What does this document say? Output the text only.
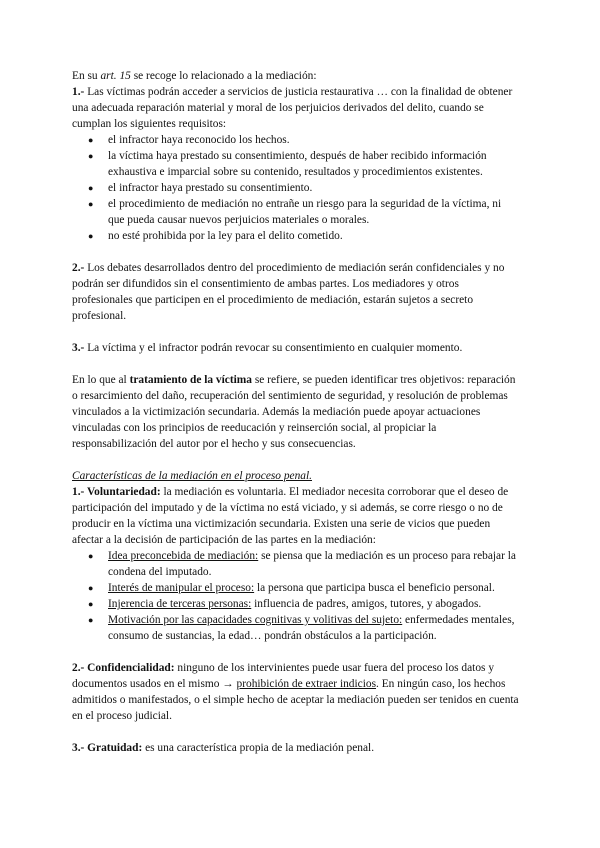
En su art. 15 se recoge lo relacionado a la mediación:

1.- Las víctimas podrán acceder a servicios de justicia restaurativa … con la finalidad de obtener una adecuada reparación material y moral de los perjuicios derivados del delito, cuando se cumplan los siguientes requisitos:

● el infractor haya reconocido los hechos.
● la víctima haya prestado su consentimiento, después de haber recibido información exhaustiva e imparcial sobre su contenido, resultados y procedimientos existentes.
● el infractor haya prestado su consentimiento.
● el procedimiento de mediación no entrañe un riesgo para la seguridad de la víctima, ni que pueda causar nuevos perjuicios materiales o morales.
● no esté prohibida por la ley para el delito cometido.

2.- Los debates desarrollados dentro del procedimiento de mediación serán confidenciales y no podrán ser difundidos sin el consentimiento de ambas partes. Los mediadores y otros profesionales que participen en el procedimiento de mediación, estarán sujetos a secreto profesional.

3.- La víctima y el infractor podrán revocar su consentimiento en cualquier momento.

En lo que al tratamiento de la víctima se refiere, se pueden identificar tres objetivos: reparación o resarcimiento del daño, recuperación del sentimiento de seguridad, y resolución de problemas vinculados a la victimización secundaria. Además la mediación puede apoyar actuaciones vinculadas con los principios de reeducación y reinserción social, al propiciar la responsabilización del autor por el hecho y sus consecuencias.

Características de la mediación en el proceso penal.

1.- Voluntariedad: la mediación es voluntaria. El mediador necesita corroborar que el deseo de participación del imputado y de la víctima no está viciado, y si además, se corre riesgo o no de producir en la víctima una victimización secundaria. Existen una serie de vicios que pueden afectar a la decisión de participación de las partes en la mediación:

● Idea preconcebida de mediación: se piensa que la mediación es un proceso para rebajar la condena del imputado.
● Interés de manipular el proceso: la persona que participa busca el beneficio personal.
● Injerencia de terceras personas: influencia de padres, amigos, tutores, y abogados.
● Motivación por las capacidades cognitivas y volitivas del sujeto: enfermedades mentales, consumo de sustancias, la edad… pondrán obstáculos a la participación.

2.- Confidencialidad: ninguno de los intervinientes puede usar fuera del proceso los datos y documentos usados en el mismo → prohibición de extraer indicios. En ningún caso, los hechos admitidos o manifestados, o el simple hecho de aceptar la mediación pueden ser tenidos en cuenta en el proceso judicial.

3.- Gratuidad: es una característica propia de la mediación penal.
